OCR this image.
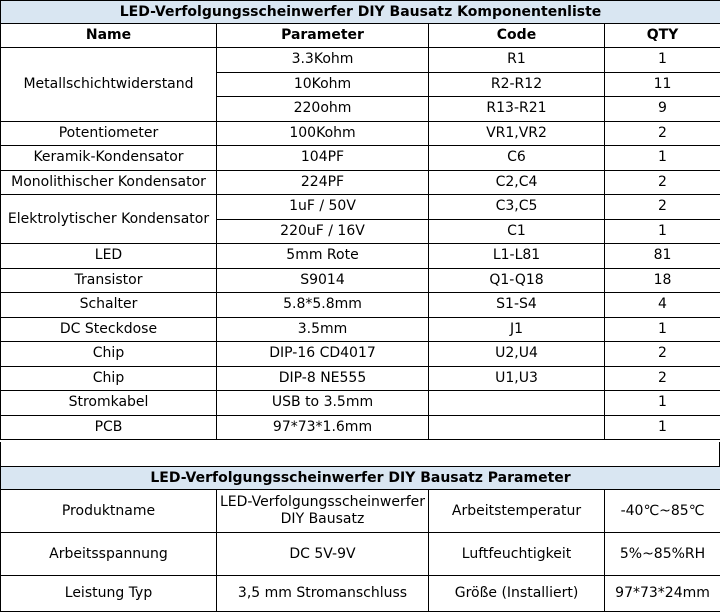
LED-Verfolgungsscheinwerfer DIY Bausatz Komponentenliste			
Name	Parameter	Code	QTY
Metallschichtwiderstand	3.3Kohm	R1	1
	10Kohm	R2-R12	11
	220ohm	R13-R21	9
Potentiometer	100Kohm	VR1,VR2	2
Keramik-Kondensator	104PF	C6	1
Monolithischer Kondensator	224PF	C2,C4	2
Elektrolytischer Kondensator	1uF / 50V	C3,C5	2
	220uF / 16V	C1	1
LED	5mm Rote	L1-L81	81
Transistor	S9014	Q1-Q18	18
Schalter	5.8*5.8mm	S1-S4	4
DC Steckdose	3.5mm	J1	1
Chip	DIP-16 CD4017	U2,U4	2
Chip	DIP-8 NE555	U1,U3	2
Stromkabel	USB to 3.5mm		1
PCB	97*73*1.6mm		1
LED-Verfolgungsscheinwerfer DIY Bausatz Parameter			
Produktname	LED-Verfolgungsscheinwerfer DIY Bausatz	Arbeitstemperatur	-40℃~85℃
Arbeitsspannung	DC 5V-9V	Luftfeuchtigkeit	5%~85%RH
Leistung Typ	3,5 mm Stromanschluss	Größe (Installiert)	97*73*24mm
